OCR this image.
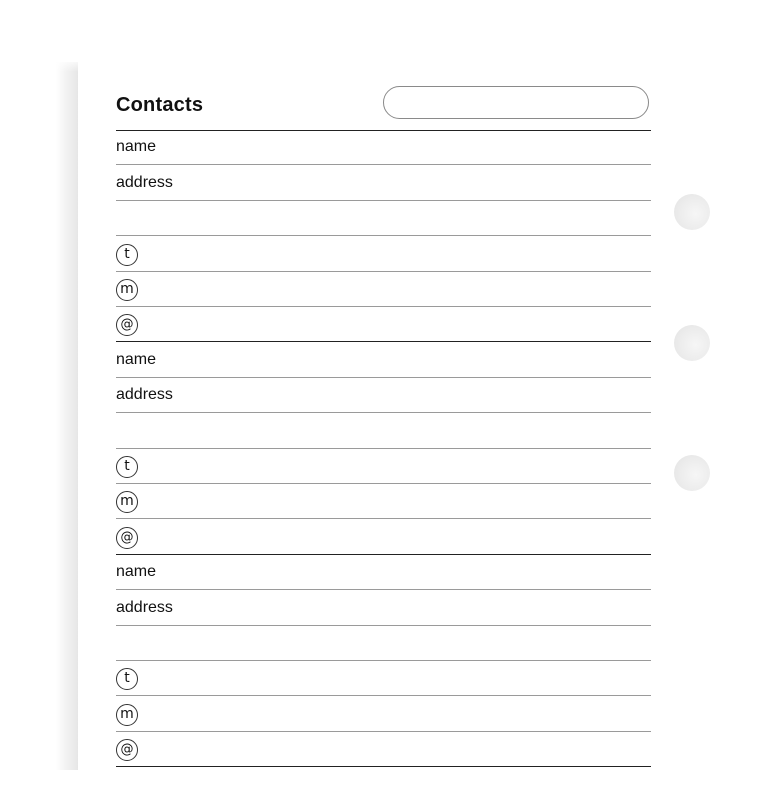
Contacts
name
address
t
m
@
name
address
t
m
@
name
address
t
m
@
